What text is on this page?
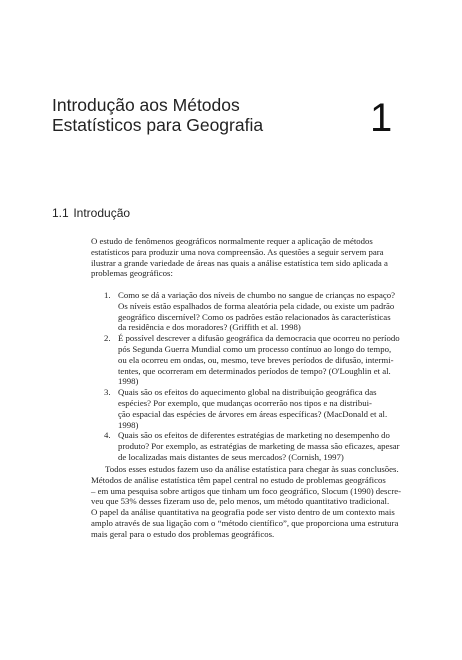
Introdução aos Métodos
Estatísticos para Geografia	1
1.1 Introdução
O estudo de fenômenos geográficos normalmente requer a aplicação de métodos
estatísticos para produzir uma nova compreensão. As questões a seguir servem para
ilustrar a grande variedade de áreas nas quais a análise estatística tem sido aplicada a
problemas geográficos:
1. Como se dá a variação dos níveis de chumbo no sangue de crianças no espaço?
Os níveis estão espalhados de forma aleatória pela cidade, ou existe um padrão
geográfico discernível? Como os padrões estão relacionados às características
da residência e dos moradores? (Griffith et al. 1998)
2. É possível descrever a difusão geográfica da democracia que ocorreu no período
pós Segunda Guerra Mundial como um processo contínuo ao longo do tempo,
ou ela ocorreu em ondas, ou, mesmo, teve breves períodos de difusão, intermi-
tentes, que ocorreram em determinados períodos de tempo? (O'Loughlin et al.
1998)
3. Quais são os efeitos do aquecimento global na distribuição geográfica das
espécies? Por exemplo, que mudanças ocorrerão nos tipos e na distribui-
ção espacial das espécies de árvores em áreas específicas? (MacDonald et al.
1998)
4. Quais são os efeitos de diferentes estratégias de marketing no desempenho do
produto? Por exemplo, as estratégias de marketing de massa são eficazes, apesar
de localizadas mais distantes de seus mercados? (Cornish, 1997)
Todos esses estudos fazem uso da análise estatística para chegar às suas conclusões.
Métodos de análise estatística têm papel central no estudo de problemas geográficos
– em uma pesquisa sobre artigos que tinham um foco geográfico, Slocum (1990) descre-
veu que 53% desses fizeram uso de, pelo menos, um método quantitativo tradicional.
O papel da análise quantitativa na geografia pode ser visto dentro de um contexto mais
amplo através de sua ligação com o “método científico”, que proporciona uma estrutura
mais geral para o estudo dos problemas geográficos.
